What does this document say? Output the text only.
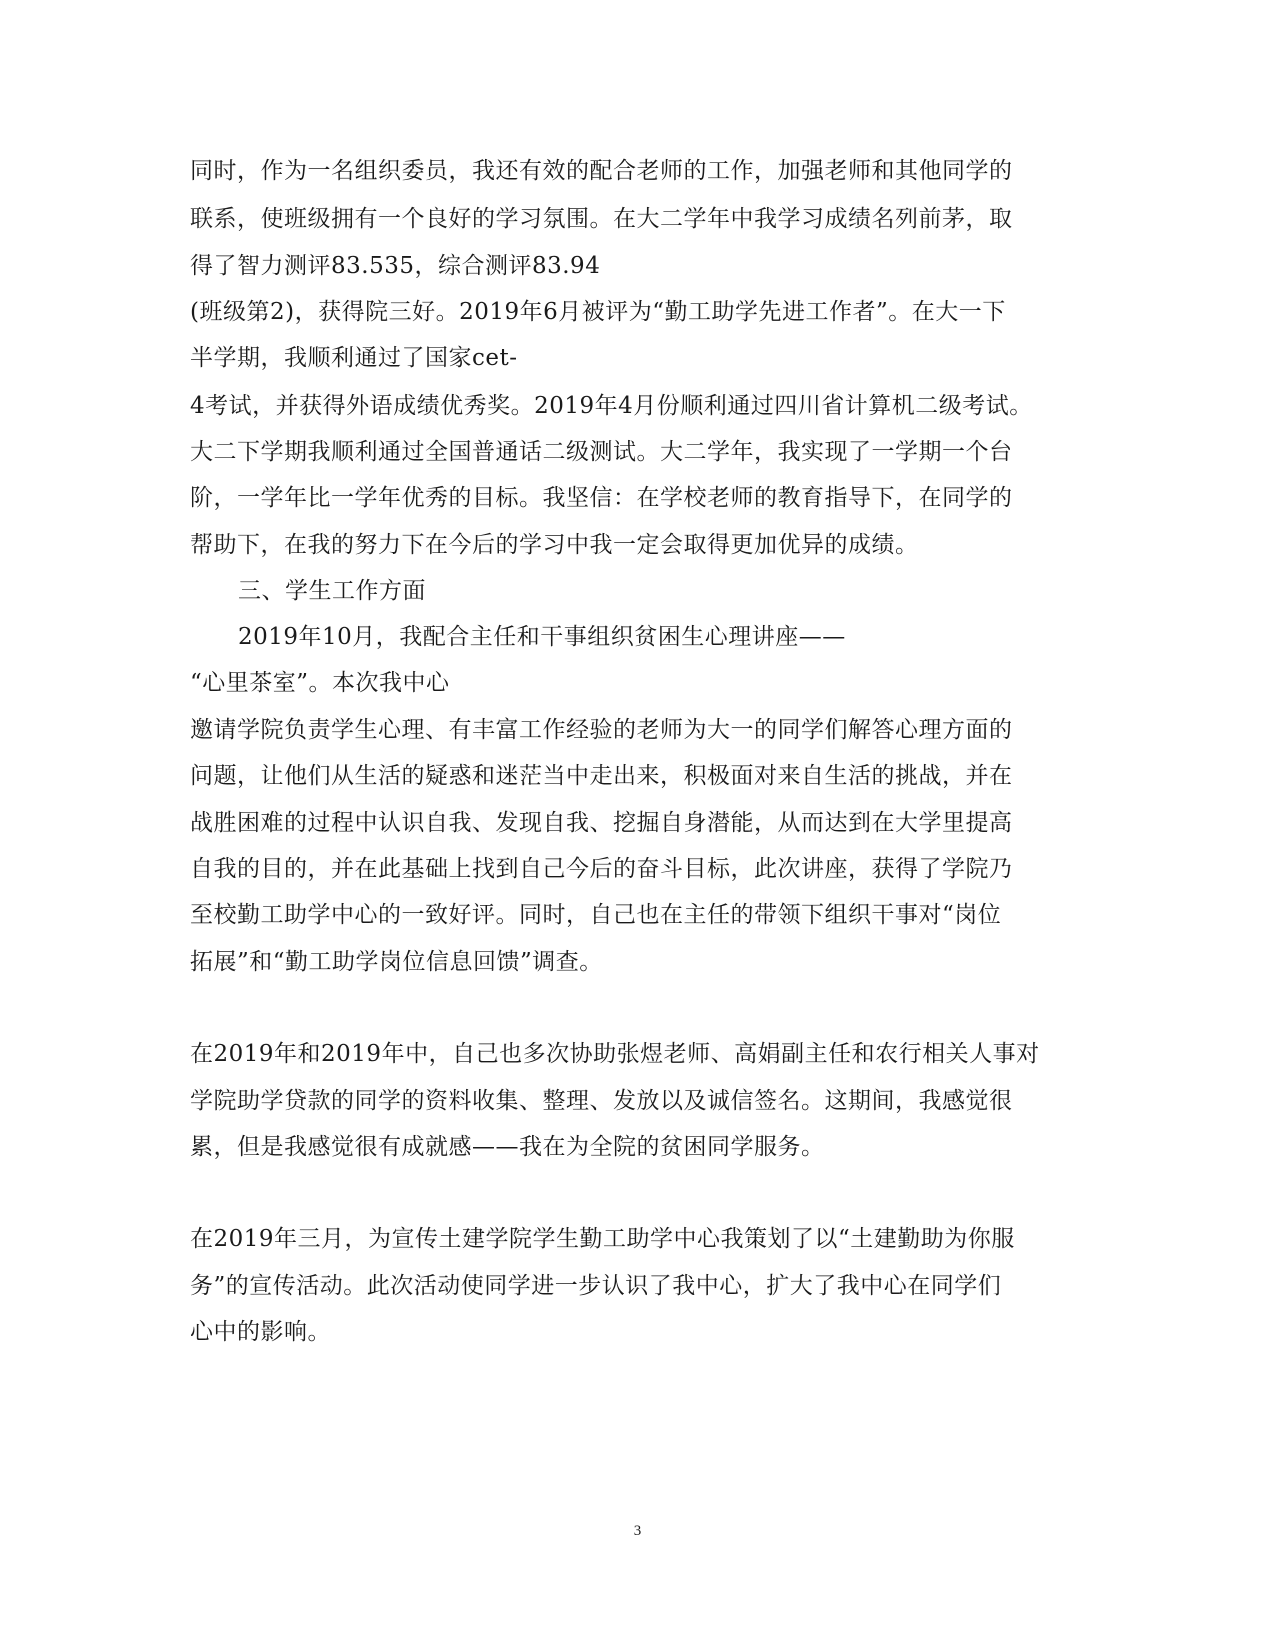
同时，作为一名组织委员，我还有效的配合老师的工作，加强老师和其他同学的
联系，使班级拥有一个良好的学习氛围。在大二学年中我学习成绩名列前茅，取
得了智力测评83.535，综合测评83.94
(班级第2)，获得院三好。2019年6月被评为“勤工助学先进工作者”。在大一下
半学期，我顺利通过了国家cet-
4考试，并获得外语成绩优秀奖。2019年4月份顺利通过四川省计算机二级考试。
大二下学期我顺利通过全国普通话二级测试。大二学年，我实现了一学期一个台
阶，一学年比一学年优秀的目标。我坚信：在学校老师的教育指导下，在同学的
帮助下，在我的努力下在今后的学习中我一定会取得更加优异的成绩。
三、学生工作方面
2019年10月，我配合主任和干事组织贫困生心理讲座——
“心里茶室”。本次我中心
邀请学院负责学生心理、有丰富工作经验的老师为大一的同学们解答心理方面的
问题，让他们从生活的疑惑和迷茫当中走出来，积极面对来自生活的挑战，并在
战胜困难的过程中认识自我、发现自我、挖掘自身潜能，从而达到在大学里提高
自我的目的，并在此基础上找到自己今后的奋斗目标，此次讲座，获得了学院乃
至校勤工助学中心的一致好评。同时，自己也在主任的带领下组织干事对“岗位
拓展”和“勤工助学岗位信息回馈”调查。
在2019年和2019年中，自己也多次协助张煜老师、高娟副主任和农行相关人事对
学院助学贷款的同学的资料收集、整理、发放以及诚信签名。这期间，我感觉很
累，但是我感觉很有成就感——我在为全院的贫困同学服务。
在2019年三月，为宣传土建学院学生勤工助学中心我策划了以“土建勤助为你服
务”的宣传活动。此次活动使同学进一步认识了我中心，扩大了我中心在同学们
心中的影响。
3
